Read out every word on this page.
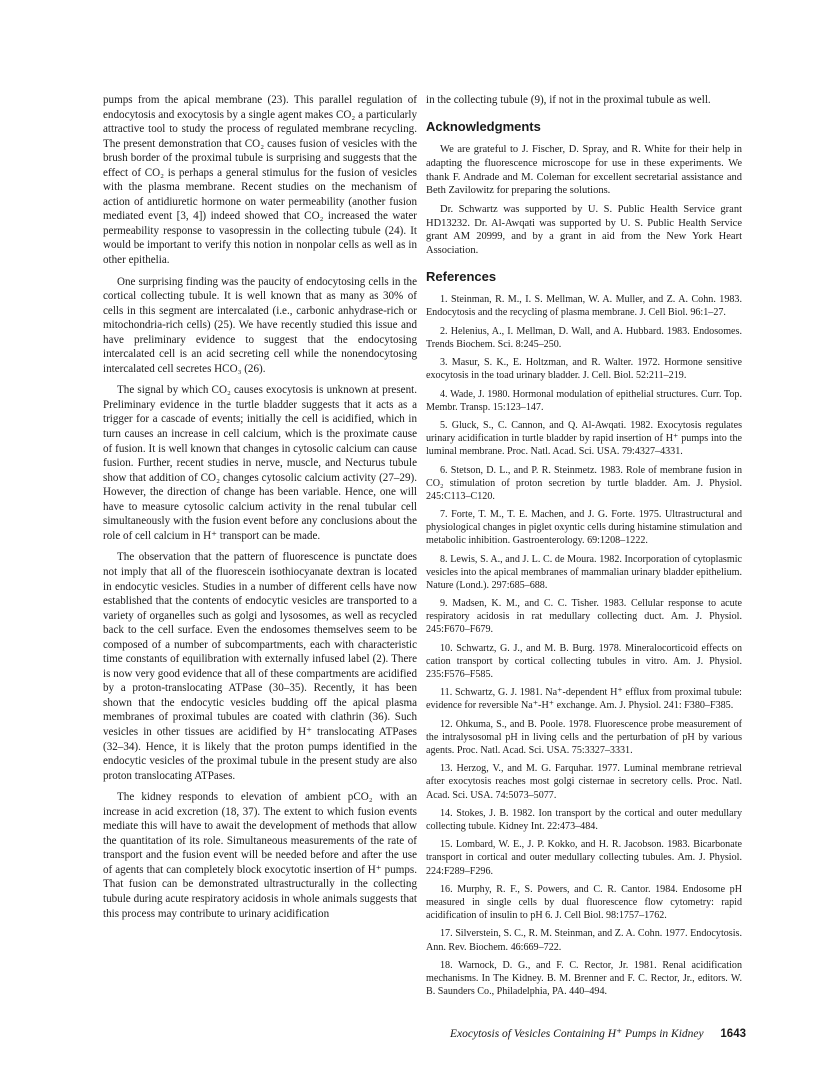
pumps from the apical membrane (23). This parallel regulation of endocytosis and exocytosis by a single agent makes CO₂ a particularly attractive tool to study the process of regulated membrane recycling. The present demonstration that CO₂ causes fusion of vesicles with the brush border of the proximal tubule is surprising and suggests that the effect of CO₂ is perhaps a general stimulus for the fusion of vesicles with the plasma membrane. Recent studies on the mechanism of action of antidiuretic hormone on water permeability (another fusion mediated event [3, 4]) indeed showed that CO₂ increased the water permeability response to vasopressin in the collecting tubule (24). It would be important to verify this notion in nonpolar cells as well as in other epithelia.

One surprising finding was the paucity of endocytosing cells in the cortical collecting tubule. It is well known that as many as 30% of cells in this segment are intercalated (i.e., carbonic anhydrase-rich or mitochondria-rich cells) (25). We have recently studied this issue and have preliminary evidence to suggest that the endocytosing intercalated cell is an acid secreting cell while the nonendocytosing intercalated cell secretes HCO₃ (26).

The signal by which CO₂ causes exocytosis is unknown at present. Preliminary evidence in the turtle bladder suggests that it acts as a trigger for a cascade of events; initially the cell is acidified, which in turn causes an increase in cell calcium, which is the proximate cause of fusion. It is well known that changes in cytosolic calcium can cause fusion. Further, recent studies in nerve, muscle, and Necturus tubule show that addition of CO₂ changes cytosolic calcium activity (27–29). However, the direction of change has been variable. Hence, one will have to measure cytosolic calcium activity in the renal tubular cell simultaneously with the fusion event before any conclusions about the role of cell calcium in H⁺ transport can be made.

The observation that the pattern of fluorescence is punctate does not imply that all of the fluorescein isothiocyanate dextran is located in endocytic vesicles. Studies in a number of different cells have now established that the contents of endocytic vesicles are transported to a variety of organelles such as golgi and lysosomes, as well as recycled back to the cell surface. Even the endosomes themselves seem to be composed of a number of subcompartments, each with characteristic time constants of equilibration with externally infused label (2). There is now very good evidence that all of these compartments are acidified by a proton-translocating ATPase (30–35). Recently, it has been shown that the endocytic vesicles budding off the apical plasma membranes of proximal tubules are coated with clathrin (36). Such vesicles in other tissues are acidified by H⁺ translocating ATPases (32–34). Hence, it is likely that the proton pumps identified in the endocytic vesicles of the proximal tubule in the present study are also proton translocating ATPases.

The kidney responds to elevation of ambient pCO₂ with an increase in acid excretion (18, 37). The extent to which fusion events mediate this will have to await the development of methods that allow the quantitation of its role. Simultaneous measurements of the rate of transport and the fusion event will be needed before and after the use of agents that can completely block exocytotic insertion of H⁺ pumps. That fusion can be demonstrated ultrastructurally in the collecting tubule during acute respiratory acidosis in whole animals suggests that this process may contribute to urinary acidification

in the collecting tubule (9), if not in the proximal tubule as well.

Acknowledgments

We are grateful to J. Fischer, D. Spray, and R. White for their help in adapting the fluorescence microscope for use in these experiments. We thank F. Andrade and M. Coleman for excellent secretarial assistance and Beth Zavilowitz for preparing the solutions.

Dr. Schwartz was supported by U. S. Public Health Service grant HD13232. Dr. Al-Awqati was supported by U. S. Public Health Service grant AM 20999, and by a grant in aid from the New York Heart Association.

References
1. Steinman, R. M., I. S. Mellman, W. A. Muller, and Z. A. Cohn. 1983. Endocytosis and the recycling of plasma membrane. J. Cell Biol. 96:1–27.
2. Helenius, A., I. Mellman, D. Wall, and A. Hubbard. 1983. Endosomes. Trends Biochem. Sci. 8:245–250.
3. Masur, S. K., E. Holtzman, and R. Walter. 1972. Hormone sensitive exocytosis in the toad urinary bladder. J. Cell. Biol. 52:211–219.
4. Wade, J. 1980. Hormonal modulation of epithelial structures. Curr. Top. Membr. Transp. 15:123–147.
5. Gluck, S., C. Cannon, and Q. Al-Awqati. 1982. Exocytosis regulates urinary acidification in turtle bladder by rapid insertion of H⁺ pumps into the luminal membrane. Proc. Natl. Acad. Sci. USA. 79:4327–4331.
6. Stetson, D. L., and P. R. Steinmetz. 1983. Role of membrane fusion in CO₂ stimulation of proton secretion by turtle bladder. Am. J. Physiol. 245:C113–C120.
7. Forte, T. M., T. E. Machen, and J. G. Forte. 1975. Ultrastructural and physiological changes in piglet oxyntic cells during histamine stimulation and metabolic inhibition. Gastroenterology. 69:1208–1222.
8. Lewis, S. A., and J. L. C. de Moura. 1982. Incorporation of cytoplasmic vesicles into the apical membranes of mammalian urinary bladder epithelium. Nature (Lond.). 297:685–688.
9. Madsen, K. M., and C. C. Tisher. 1983. Cellular response to acute respiratory acidosis in rat medullary collecting duct. Am. J. Physiol. 245:F670–F679.
10. Schwartz, G. J., and M. B. Burg. 1978. Mineralocorticoid effects on cation transport by cortical collecting tubules in vitro. Am. J. Physiol. 235:F576–F585.
11. Schwartz, G. J. 1981. Na⁺-dependent H⁺ efflux from proximal tubule: evidence for reversible Na⁺-H⁺ exchange. Am. J. Physiol. 241: F380–F385.
12. Ohkuma, S., and B. Poole. 1978. Fluorescence probe measurement of the intralysosomal pH in living cells and the perturbation of pH by various agents. Proc. Natl. Acad. Sci. USA. 75:3327–3331.
13. Herzog, V., and M. G. Farquhar. 1977. Luminal membrane retrieval after exocytosis reaches most golgi cisternae in secretory cells. Proc. Natl. Acad. Sci. USA. 74:5073–5077.
14. Stokes, J. B. 1982. Ion transport by the cortical and outer medullary collecting tubule. Kidney Int. 22:473–484.
15. Lombard, W. E., J. P. Kokko, and H. R. Jacobson. 1983. Bicarbonate transport in cortical and outer medullary collecting tubules. Am. J. Physiol. 224:F289–F296.
16. Murphy, R. F., S. Powers, and C. R. Cantor. 1984. Endosome pH measured in single cells by dual fluorescence flow cytometry: rapid acidification of insulin to pH 6. J. Cell Biol. 98:1757–1762.
17. Silverstein, S. C., R. M. Steinman, and Z. A. Cohn. 1977. Endocytosis. Ann. Rev. Biochem. 46:669–722.
18. Warnock, D. G., and F. C. Rector, Jr. 1981. Renal acidification mechanisms. In The Kidney. B. M. Brenner and F. C. Rector, Jr., editors. W. B. Saunders Co., Philadelphia, PA. 440–494.
Exocytosis of Vesicles Containing H⁺ Pumps in Kidney 1643
